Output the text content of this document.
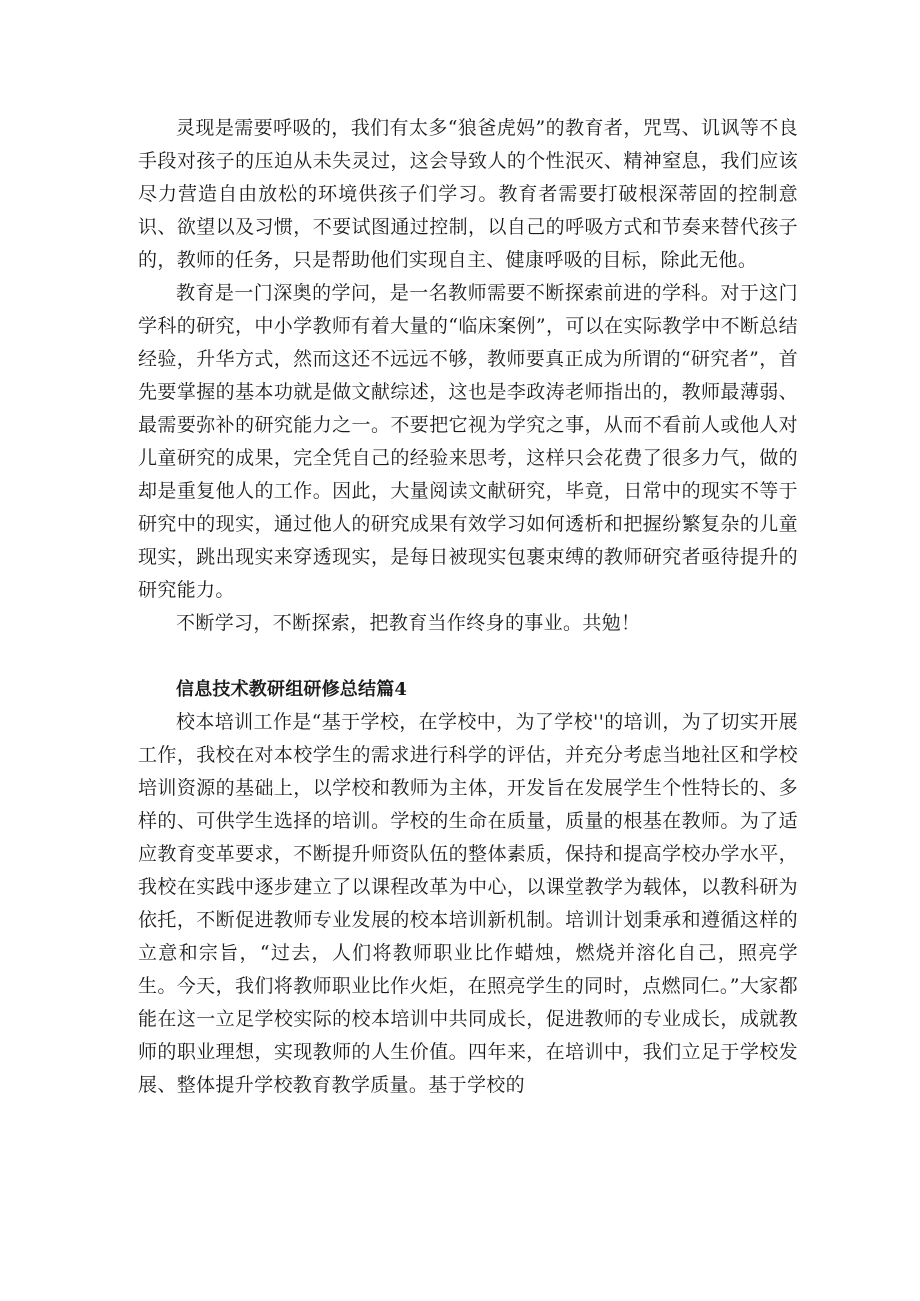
灵现是需要呼吸的，我们有太多“狼爸虎妈”的教育者，咒骂、讥讽等不良手段对孩子的压迫从未失灵过，这会导致人的个性泯灭、精神窒息，我们应该尽力营造自由放松的环境供孩子们学习。教育者需要打破根深蒂固的控制意识、欲望以及习惯，不要试图通过控制，以自己的呼吸方式和节奏来替代孩子的，教师的任务，只是帮助他们实现自主、健康呼吸的目标，除此无他。

教育是一门深奥的学问，是一名教师需要不断探索前进的学科。对于这门学科的研究，中小学教师有着大量的“临床案例”，可以在实际教学中不断总结经验，升华方式，然而这还不远远不够，教师要真正成为所谓的“研究者”，首先要掌握的基本功就是做文献综述，这也是李政涛老师指出的，教师最薄弱、最需要弥补的研究能力之一。不要把它视为学究之事，从而不看前人或他人对儿童研究的成果，完全凭自己的经验来思考，这样只会花费了很多力气，做的却是重复他人的工作。因此，大量阅读文献研究，毕竟，日常中的现实不等于研究中的现实，通过他人的研究成果有效学习如何透析和把握纷繁复杂的儿童现实，跳出现实来穿透现实，是每日被现实包裹束缚的教师研究者亟待提升的研究能力。

不断学习，不断探索，把教育当作终身的事业。共勉！

信息技术教研组研修总结篇4

校本培训工作是“基于学校，在学校中，为了学校''的培训，为了切实开展工作，我校在对本校学生的需求进行科学的评估，并充分考虑当地社区和学校培训资源的基础上，以学校和教师为主体，开发旨在发展学生个性特长的、多样的、可供学生选择的培训。学校的生命在质量，质量的根基在教师。为了适应教育变革要求，不断提升师资队伍的整体素质，保持和提高学校办学水平，我校在实践中逐步建立了以课程改革为中心，以课堂教学为载体，以教科研为依托，不断促进教师专业发展的校本培训新机制。培训计划秉承和遵循这样的立意和宗旨，“过去，人们将教师职业比作蜡烛，燃烧并溶化自己，照亮学生。今天，我们将教师职业比作火炬，在照亮学生的同时，点燃同仁。”大家都能在这一立足学校实际的校本培训中共同成长，促进教师的专业成长，成就教师的职业理想，实现教师的人生价值。四年来，在培训中，我们立足于学校发展、整体提升学校教育教学质量。基于学校的
